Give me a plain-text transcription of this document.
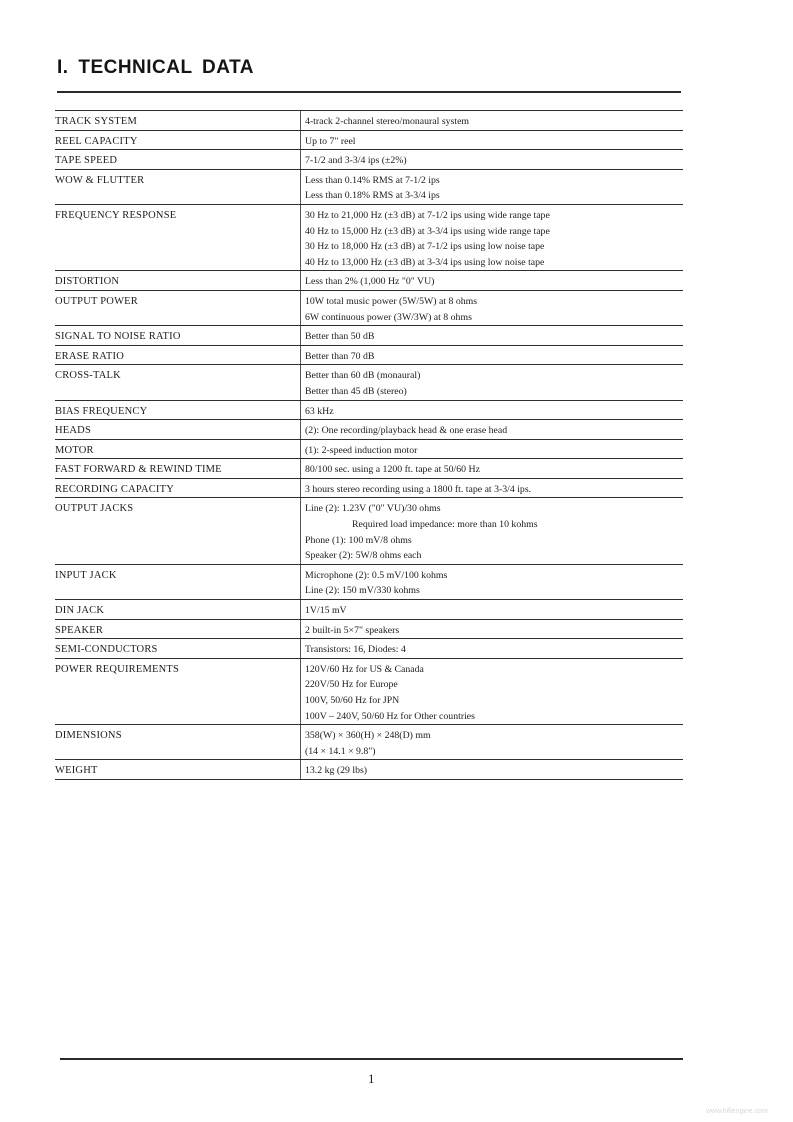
I. TECHNICAL DATA
TRACK SYSTEM	4-track 2-channel stereo/monaural system
REEL CAPACITY	Up to 7" reel
TAPE SPEED	7-1/2 and 3-3/4 ips (±2%)
WOW & FLUTTER	Less than 0.14% RMS at 7-1/2 ips
Less than 0.18% RMS at 3-3/4 ips
FREQUENCY RESPONSE	30 Hz to 21,000 Hz (±3 dB) at 7-1/2 ips using wide range tape
40 Hz to 15,000 Hz (±3 dB) at 3-3/4 ips using wide range tape
30 Hz to 18,000 Hz (±3 dB) at 7-1/2 ips using low noise tape
40 Hz to 13,000 Hz (±3 dB) at 3-3/4 ips using low noise tape
DISTORTION	Less than 2% (1,000 Hz "0" VU)
OUTPUT POWER	10W total music power (5W/5W) at 8 ohms
6W continuous power (3W/3W) at 8 ohms
SIGNAL TO NOISE RATIO	Better than 50 dB
ERASE RATIO	Better than 70 dB
CROSS-TALK	Better than 60 dB (monaural)
Better than 45 dB (stereo)
BIAS FREQUENCY	63 kHz
HEADS	(2): One recording/playback head & one erase head
MOTOR	(1): 2-speed induction motor
FAST FORWARD & REWIND TIME	80/100 sec. using a 1200 ft. tape at 50/60 Hz
RECORDING CAPACITY	3 hours stereo recording using a 1800 ft. tape at 3-3/4 ips.
OUTPUT JACKS	Line (2): 1.23V ("0" VU)/30 ohms
Required load impedance: more than 10 kohms
Phone (1): 100 mV/8 ohms
Speaker (2): 5W/8 ohms each
INPUT JACK	Microphone (2): 0.5 mV/100 kohms
Line (2): 150 mV/330 kohms
DIN JACK	1V/15 mV
SPEAKER	2 built-in 5×7" speakers
SEMI-CONDUCTORS	Transistors: 16, Diodes: 4
POWER REQUIREMENTS	120V/60 Hz for US & Canada
220V/50 Hz for Europe
100V, 50/60 Hz for JPN
100V – 240V, 50/60 Hz for Other countries
DIMENSIONS	358(W) × 360(H) × 248(D) mm
(14 × 14.1 × 9.8")
WEIGHT	13.2 kg (29 lbs)
1
www.hifiengine.com
